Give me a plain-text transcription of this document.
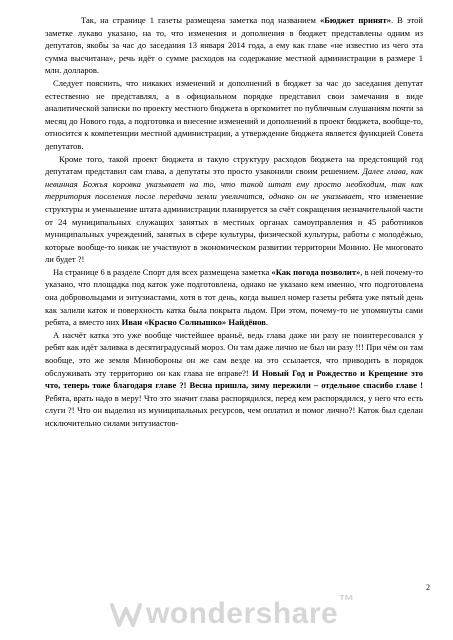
Так, на странице 1 газеты размещена заметка под названием «Бюджет принят». В этой заметке лукаво указано, на то, что изменения и дополнения в бюджет представлены одним из депутатов, якобы за час до заседания 13 января 2014 года, а ему как главе «не известно из чего эта сумма высчитана», речь идёт о сумме расходов на содержание местной администрации в размере 1 млн. долларов.

Следует пояснить, что никаких изменений и дополнений в бюджет за час до заседания депутат естественно не представлял, а в официальном порядке представил свои замечания в виде аналитической записки по проекту местного бюджета в оргкомитет по публичным слушаниям почти за месяц до Нового года, а подготовка и внесение изменений и дополнений в проект бюджета, вообще-то, относится к компетенции местной администрации, а утверждение бюджета является функцией Совета депутатов.

Кроме того, такой проект бюджета и такую структуру расходов бюджета на предстоящий год депутатам представил сам глава, а депутаты это просто узаконили своим решением. Далее глава, как невинная Божья коровка указывает на то, что такой штат ему просто необходим, так как территория поселения после передачи земли увеличится, однако он не указывает, что изменение структуры и уменьшение штата администрации планируется за счёт сокращения незначительной части от 24 муниципальных служащих занятых в местных органах самоуправления и 45 работников муниципальных учреждений, занятых в сфере культуры, физической культуры, работы с молодёжью, которые вообще-то никак не участвуют в экономическом развитии территории Монино. Не многовато ли будет ?!

На странице 6 в разделе Спорт для всех размещена заметка «Как погода позволит», в ней почему-то указано, что площадка под каток уже подготовлена, однако не указано кем именно, что подготовлена она добровольцами и энтузиастами, хотя в тот день, когда вышел номер газеты ребята уже пятый день как залили каток и поверхность катка была покрыта льдом. При этом, почему-то не упомянуты сами ребята, а вместо них Иван «Красно Солнышко» Найдёнов.

А насчёт катка это уже вообще чистейшее враньё, ведь глава даже ни разу не поинтересовался у ребят как идёт заливка в десятиградусный мороз. Он там даже лично не был ни разу !!! При чём он там вообще, это же земля Минобороны он же сам везде на это ссылается, что приводить в порядок обслуживать эту территорию он как глава не вправе?! И Новый Год и Рождество и Крещение это что, теперь тоже благодаря главе ?! Весна пришла, зиму пережили – отдельное спасибо главе ! Ребята, врать надо в меру! Что это значит глава распорядился, перед кем распорядился, у него что есть слуги ?! Что он выделил из муниципальных ресурсов, чем оплатил и помог лично?! Каток был сделан исключительно силами энтузиастов-

2
wondershare™
